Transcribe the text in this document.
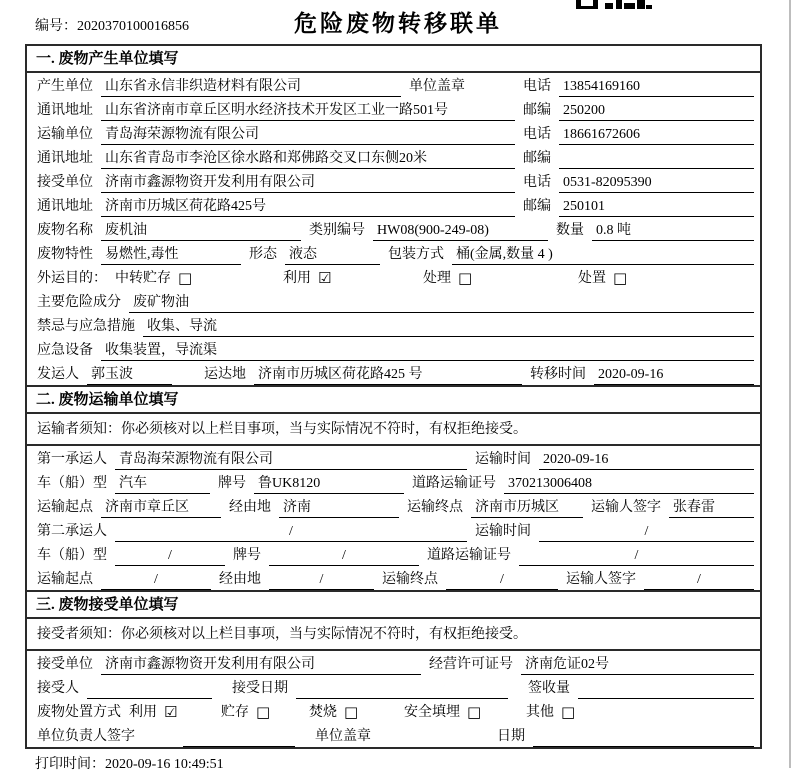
编号：2020370100016856	危险废物转移联单
一. 废物产生单位填写
产生单位 山东省永信非织造材料有限公司	单位盖章	电话 13854169160
通讯地址 山东省济南市章丘区明水经济技术开发区工业一路501号	邮编 250200
运输单位 青岛海荣源物流有限公司	电话 18661672606
通讯地址 山东省青岛市李沧区徐水路和郑佛路交叉口东侧20米	邮编
接受单位 济南市鑫源物资开发利用有限公司	电话 0531-82095390
通讯地址 济南市历城区荷花路425号	邮编 250101
废物名称 废机油	类别编号 HW08(900-249-08)	数量 0.8 吨
废物特性 易燃性,毒性	形态 液态	包装方式 桶(金属,数量 4 )
外运目的： 中转贮存 □	利用 ☑	处理 □	处置 □
主要危险成分 废矿物油
禁忌与应急措施 收集、导流
应急设备 收集装置，导流渠
发运人 郭玉波	运达地 济南市历城区荷花路425 号	转移时间 2020-09-16
二. 废物运输单位填写
运输者须知：你必须核对以上栏目事项，当与实际情况不符时，有权拒绝接受。
第一承运人 青岛海荣源物流有限公司	运输时间 2020-09-16
车（船）型 汽车	牌号 鲁UK8120	道路运输证号 370213006408
运输起点 济南市章丘区	经由地 济南	运输终点 济南市历城区	运输人签字 张春雷
第二承运人	/	运输时间	/
车（船）型	/	牌号	/	道路运输证号	/
运输起点	/	经由地	/	运输终点	/	运输人签字	/
三. 废物接受单位填写
接受者须知：你必须核对以上栏目事项，当与实际情况不符时，有权拒绝接受。
接受单位 济南市鑫源物资开发利用有限公司	经营许可证号 济南危证02号
接受人	接受日期	签收量
废物处置方式 利用 ☑	贮存 □	焚烧 □	安全填埋 □	其他 □
单位负责人签字	单位盖章	日期
打印时间：2020-09-16 10:49:51
